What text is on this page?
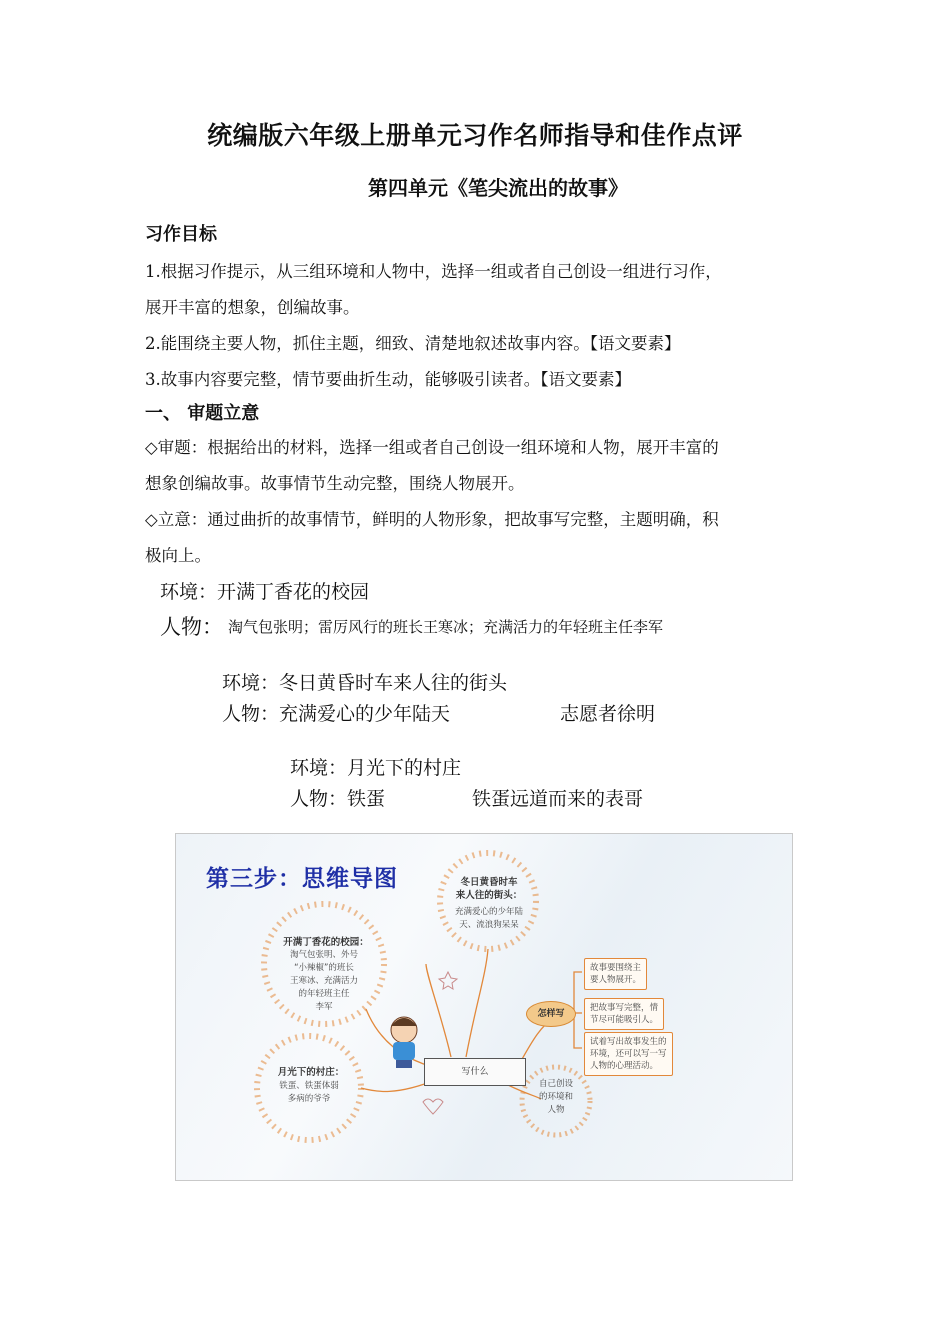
统编版六年级上册单元习作名师指导和佳作点评
第四单元《笔尖流出的故事》
习作目标
1.根据习作提示，从三组环境和人物中，选择一组或者自己创设一组进行习作，
展开丰富的想象，创编故事。
2.能围绕主要人物，抓住主题，细致、清楚地叙述故事内容。【语文要素】
3.故事内容要完整，情节要曲折生动，能够吸引读者。【语文要素】
一、 审题立意
◇审题：根据给出的材料，选择一组或者自己创设一组环境和人物，展开丰富的
想象创编故事。故事情节生动完整，围绕人物展开。
◇立意：通过曲折的故事情节，鲜明的人物形象，把故事写完整，主题明确，积
极向上。
环境：开满丁香花的校园
人物： 淘气包张明；雷厉风行的班长王寒冰；充满活力的年轻班主任李军
环境：冬日黄昏时车来人往的街头
人物：充满爱心的少年陆天	志愿者徐明
环境：月光下的村庄
人物：铁蛋	铁蛋远道而来的表哥
第三步：思维导图	冬日黄昏时车
来人往的街头：
充满爱心的少年陆
天、流浪狗呆呆
开满丁香花的校园：
淘气包张明、外号
“小辣椒”的班长
王寒冰、充满活力
的年轻班主任
李军
月光下的村庄：
铁蛋、铁蛋体弱
多病的爷爷
自己创设
的环境和
人物
写什么
怎样写
故事要围绕主
要人物展开。
把故事写完整，情
节尽可能吸引人。
试着写出故事发生的
环境，还可以写一写
人物的心理活动。
